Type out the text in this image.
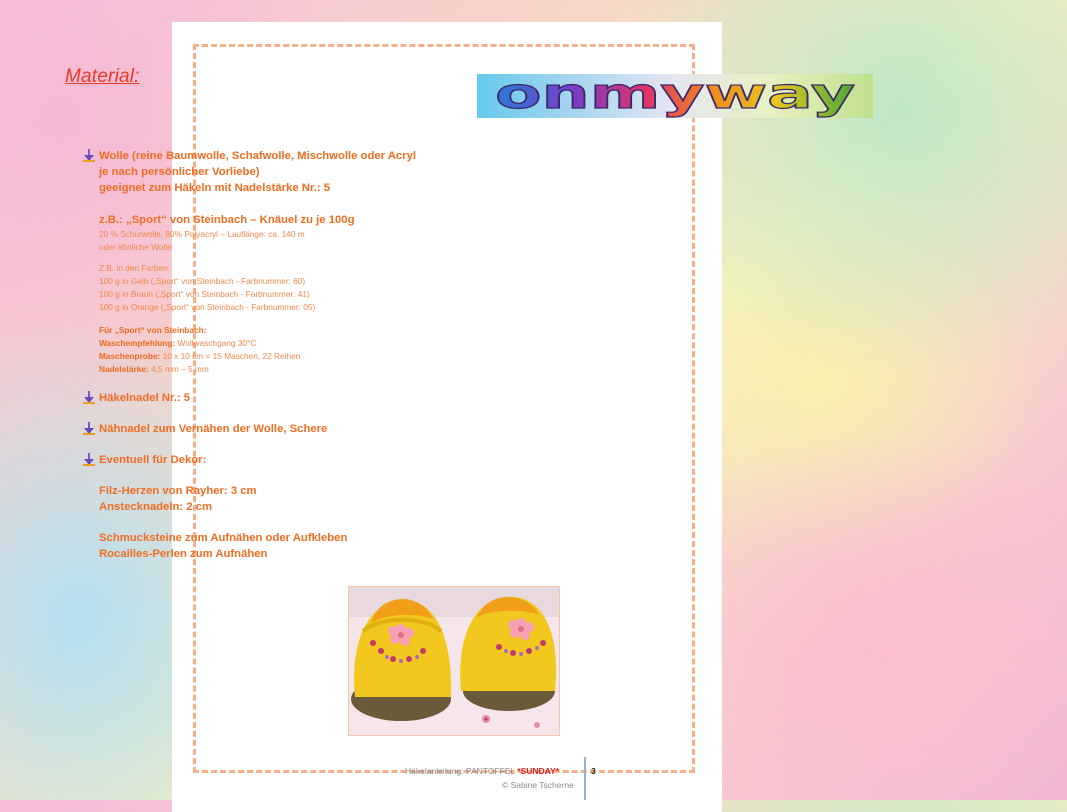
Material:	onmyway
Wolle (reine Baumwolle, Schafwolle, Mischwolle oder Acryl
je nach persönlicher Vorliebe)
geeignet zum Häkeln mit Nadelstärke Nr.: 5
z.B.: „Sport“ von Steinbach – Knäuel zu je 100g
20 % Schurwolle, 80% Polyacryl – Lauflänge: ca. 140 m
oder ähnliche Wolle
Z.B. in den Farben:
100 g in Gelb („Sport“ von Steinbach - Farbnummer: 60)
100 g in Braun („Sport“ von Steinbach - Farbnummer: 41)
100 g in Orange („Sport“ von Steinbach - Farbnummer: 05)
Für „Sport“ von Steinbach:
Waschempfehlung: Wollwaschgang 30°C
Maschenprobe: 10 x 10 cm = 15 Maschen, 22 Reihen
Nadelstärke: 4,5 mm – 5 mm
Häkelnadel Nr.: 5
Nähnadel zum Vernähen der Wolle, Schere
Eventuell für Dekor:
Filz-Herzen von Rayher: 3 cm
Anstecknadeln: 2 cm
Schmucksteine zum Aufnähen oder Aufkleben
Rocailles-Perlen zum Aufnähen
Häkelanleitung: PANTOFFEL *SUNDAY*	3
© Sabine Tscherne
